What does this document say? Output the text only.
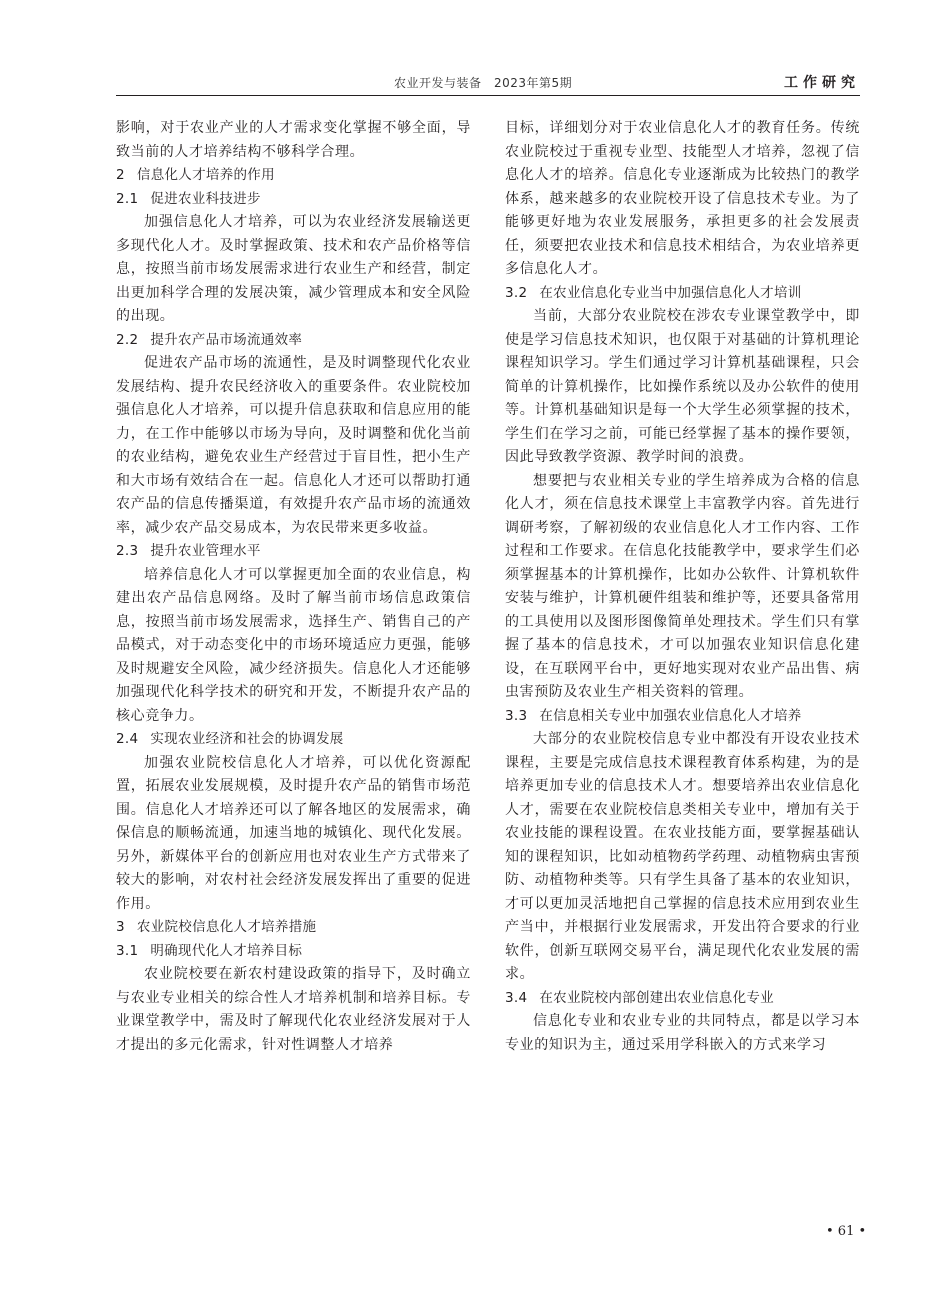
农业开发与装备　2023年第5期	工作研究

影响，对于农业产业的人才需求变化掌握不够全面，导致当前的人才培养结构不够科学合理。

2 信息化人才培养的作用
2.1 促进农业科技进步

加强信息化人才培养，可以为农业经济发展输送更多现代化人才。及时掌握政策、技术和农产品价格等信息，按照当前市场发展需求进行农业生产和经营，制定出更加科学合理的发展决策，减少管理成本和安全风险的出现。

2.2 提升农产品市场流通效率

促进农产品市场的流通性，是及时调整现代化农业发展结构、提升农民经济收入的重要条件。农业院校加强信息化人才培养，可以提升信息获取和信息应用的能力，在工作中能够以市场为导向，及时调整和优化当前的农业结构，避免农业生产经营过于盲目性，把小生产和大市场有效结合在一起。信息化人才还可以帮助打通农产品的信息传播渠道，有效提升农产品市场的流通效率，减少农产品交易成本，为农民带来更多收益。

2.3 提升农业管理水平

培养信息化人才可以掌握更加全面的农业信息，构建出农产品信息网络。及时了解当前市场信息政策信息，按照当前市场发展需求，选择生产、销售自己的产品模式，对于动态变化中的市场环境适应力更强，能够及时规避安全风险，减少经济损失。信息化人才还能够加强现代化科学技术的研究和开发，不断提升农产品的核心竞争力。

2.4 实现农业经济和社会的协调发展

加强农业院校信息化人才培养，可以优化资源配置，拓展农业发展规模，及时提升农产品的销售市场范围。信息化人才培养还可以了解各地区的发展需求，确保信息的顺畅流通，加速当地的城镇化、现代化发展。另外，新媒体平台的创新应用也对农业生产方式带来了较大的影响，对农村社会经济发展发挥出了重要的促进作用。

3 农业院校信息化人才培养措施
3.1 明确现代化人才培养目标

农业院校要在新农村建设政策的指导下，及时确立与农业专业相关的综合性人才培养机制和培养目标。专业课堂教学中，需及时了解现代化农业经济发展对于人才提出的多元化需求，针对性调整人才培养

目标，详细划分对于农业信息化人才的教育任务。传统农业院校过于重视专业型、技能型人才培养，忽视了信息化人才的培养。信息化专业逐渐成为比较热门的教学体系，越来越多的农业院校开设了信息技术专业。为了能够更好地为农业发展服务，承担更多的社会发展责任，须要把农业技术和信息技术相结合，为农业培养更多信息化人才。

3.2 在农业信息化专业当中加强信息化人才培训

当前，大部分农业院校在涉农专业课堂教学中，即使是学习信息技术知识，也仅限于对基础的计算机理论课程知识学习。学生们通过学习计算机基础课程，只会简单的计算机操作，比如操作系统以及办公软件的使用等。计算机基础知识是每一个大学生必须掌握的技术，学生们在学习之前，可能已经掌握了基本的操作要领，因此导致教学资源、教学时间的浪费。

想要把与农业相关专业的学生培养成为合格的信息化人才，须在信息技术课堂上丰富教学内容。首先进行调研考察，了解初级的农业信息化人才工作内容、工作过程和工作要求。在信息化技能教学中，要求学生们必须掌握基本的计算机操作，比如办公软件、计算机软件安装与维护，计算机硬件组装和维护等，还要具备常用的工具使用以及图形图像简单处理技术。学生们只有掌握了基本的信息技术，才可以加强农业知识信息化建设，在互联网平台中，更好地实现对农业产品出售、病虫害预防及农业生产相关资料的管理。

3.3 在信息相关专业中加强农业信息化人才培养

大部分的农业院校信息专业中都没有开设农业技术课程，主要是完成信息技术课程教育体系构建，为的是培养更加专业的信息技术人才。想要培养出农业信息化人才，需要在农业院校信息类相关专业中，增加有关于农业技能的课程设置。在农业技能方面，要掌握基础认知的课程知识，比如动植物药学药理、动植物病虫害预防、动植物种类等。只有学生具备了基本的农业知识，才可以更加灵活地把自己掌握的信息技术应用到农业生产当中，并根据行业发展需求，开发出符合要求的行业软件，创新互联网交易平台，满足现代化农业发展的需求。

3.4 在农业院校内部创建出农业信息化专业

信息化专业和农业专业的共同特点，都是以学习本专业的知识为主，通过采用学科嵌入的方式来学习

• 61 •
